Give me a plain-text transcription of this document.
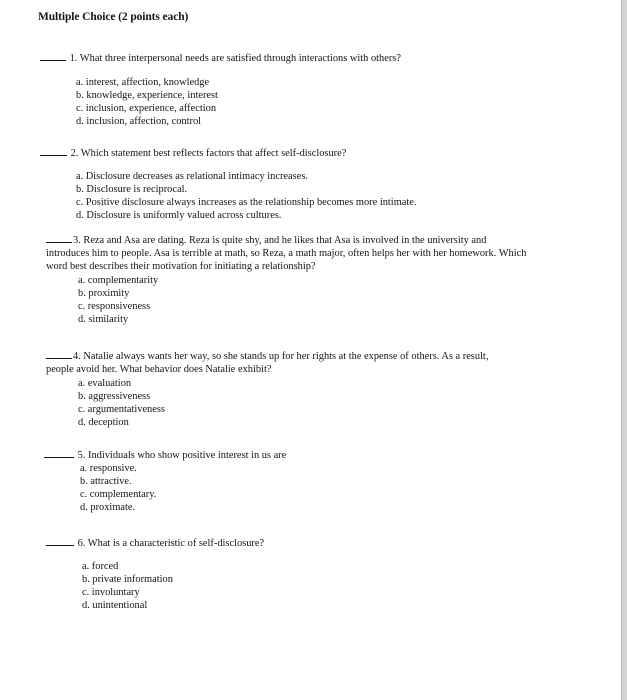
Multiple Choice (2 points each)
1. What three interpersonal needs are satisfied through interactions with others?
a. interest, affection, knowledge
b. knowledge, experience, interest
c. inclusion, experience, affection
d. inclusion, affection, control
2. Which statement best reflects factors that affect self-disclosure?
a. Disclosure decreases as relational intimacy increases.
b. Disclosure is reciprocal.
c. Positive disclosure always increases as the relationship becomes more intimate.
d. Disclosure is uniformly valued across cultures.
3. Reza and Asa are dating. Reza is quite shy, and he likes that Asa is involved in the university and introduces him to people. Asa is terrible at math, so Reza, a math major, often helps her with her homework. Which word best describes their motivation for initiating a relationship?
a. complementarity
b. proximity
c. responsiveness
d. similarity
4. Natalie always wants her way, so she stands up for her rights at the expense of others. As a result, people avoid her. What behavior does Natalie exhibit?
a. evaluation
b. aggressiveness
c. argumentativeness
d. deception
5. Individuals who show positive interest in us are
a. responsive.
b. attractive.
c. complementary.
d. proximate.
6. What is a characteristic of self-disclosure?
a. forced
b. private information
c. involuntary
d. unintentional
